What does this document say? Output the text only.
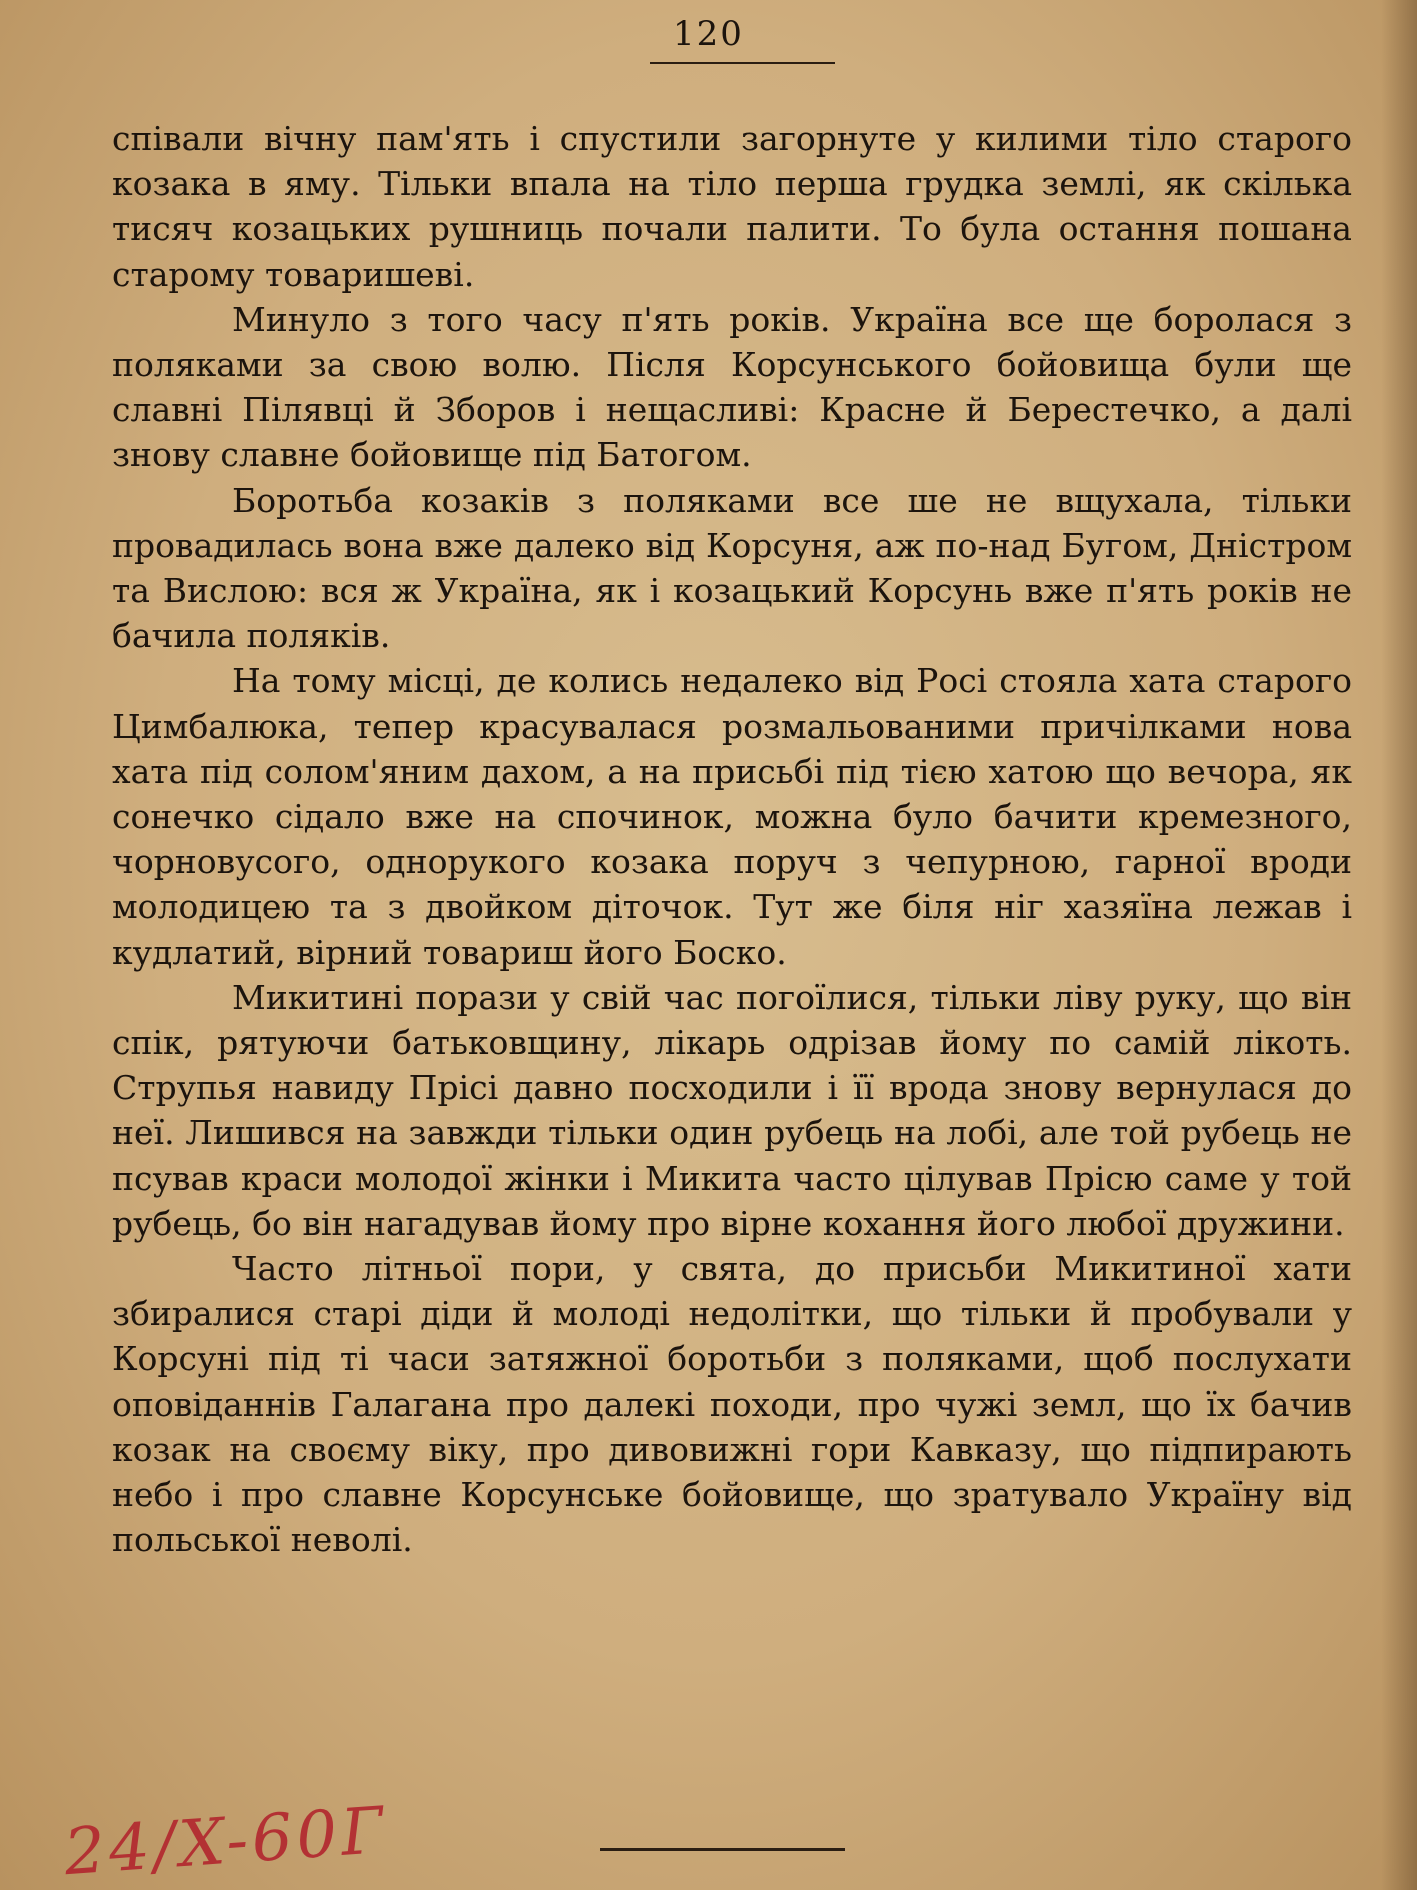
120

співали вічну пам'ять і спустили загорнуте у килими тіло старого козака в яму. Тільки впала на тіло перша грудка землі, як скілька тисяч козацьких рушниць почали палити. То була остання пошана старому товаришеві.

Минуло з того часу п'ять років. Україна все ще боролася з поляками за свою волю. Після Корсунського бойовища були ще славні Пілявці й Зборов і нещасливі: Красне й Берестечко, а далі знову славне бойовище під Батогом.

Боротьба козаків з поляками все ше не вщухала, тільки провадилась вона вже далеко від Корсуня, аж по-над Бугом, Дністром та Вислою: вся ж Україна, як і козацький Корсунь вже п'ять років не бачила поляків.

На тому місці, де колись недалеко від Росі стояла хата старого Цимбалюка, тепер красувалася розмальованими причілками нова хата під солом'яним дахом, а на присьбі під тією хатою що вечора, як сонечко сідало вже на спочинок, можна було бачити кремезного, чорновусого, однорукого козака поруч з чепурною, гарної вроди молодицею та з двойком діточок. Тут же біля ніг хазяїна лежав і кудлатий, вірний товариш його Боско.

Микитині порази у свій час погоїлися, тільки ліву руку, що він спік, рятуючи батьковщину, лікарь одрізав йому по самій лікоть. Струпья навиду Прісі давно посходили і її врода знову вернулася до неї. Лишився на завжди тільки один рубець на лобі, але той рубець не псував краси молодої жінки і Микита часто цілував Прісю саме у той рубець, бо він нагадував йому про вірне кохання його любої дружини.

Часто літньої пори, у свята, до присьби Микитиної хати збиралися старі діди й молоді недолітки, що тільки й пробували у Корсуні під ті часи затяжної боротьби з поляками, щоб послухати оповіданнів Галагана про далекі походи, про чужі земл, що їх бачив козак на своєму віку, про дивовижні гори Кавказу, що підпирають небо і про славне Корсунське бойовище, що зратувало Україну від польської неволі.

24/X-60Г
